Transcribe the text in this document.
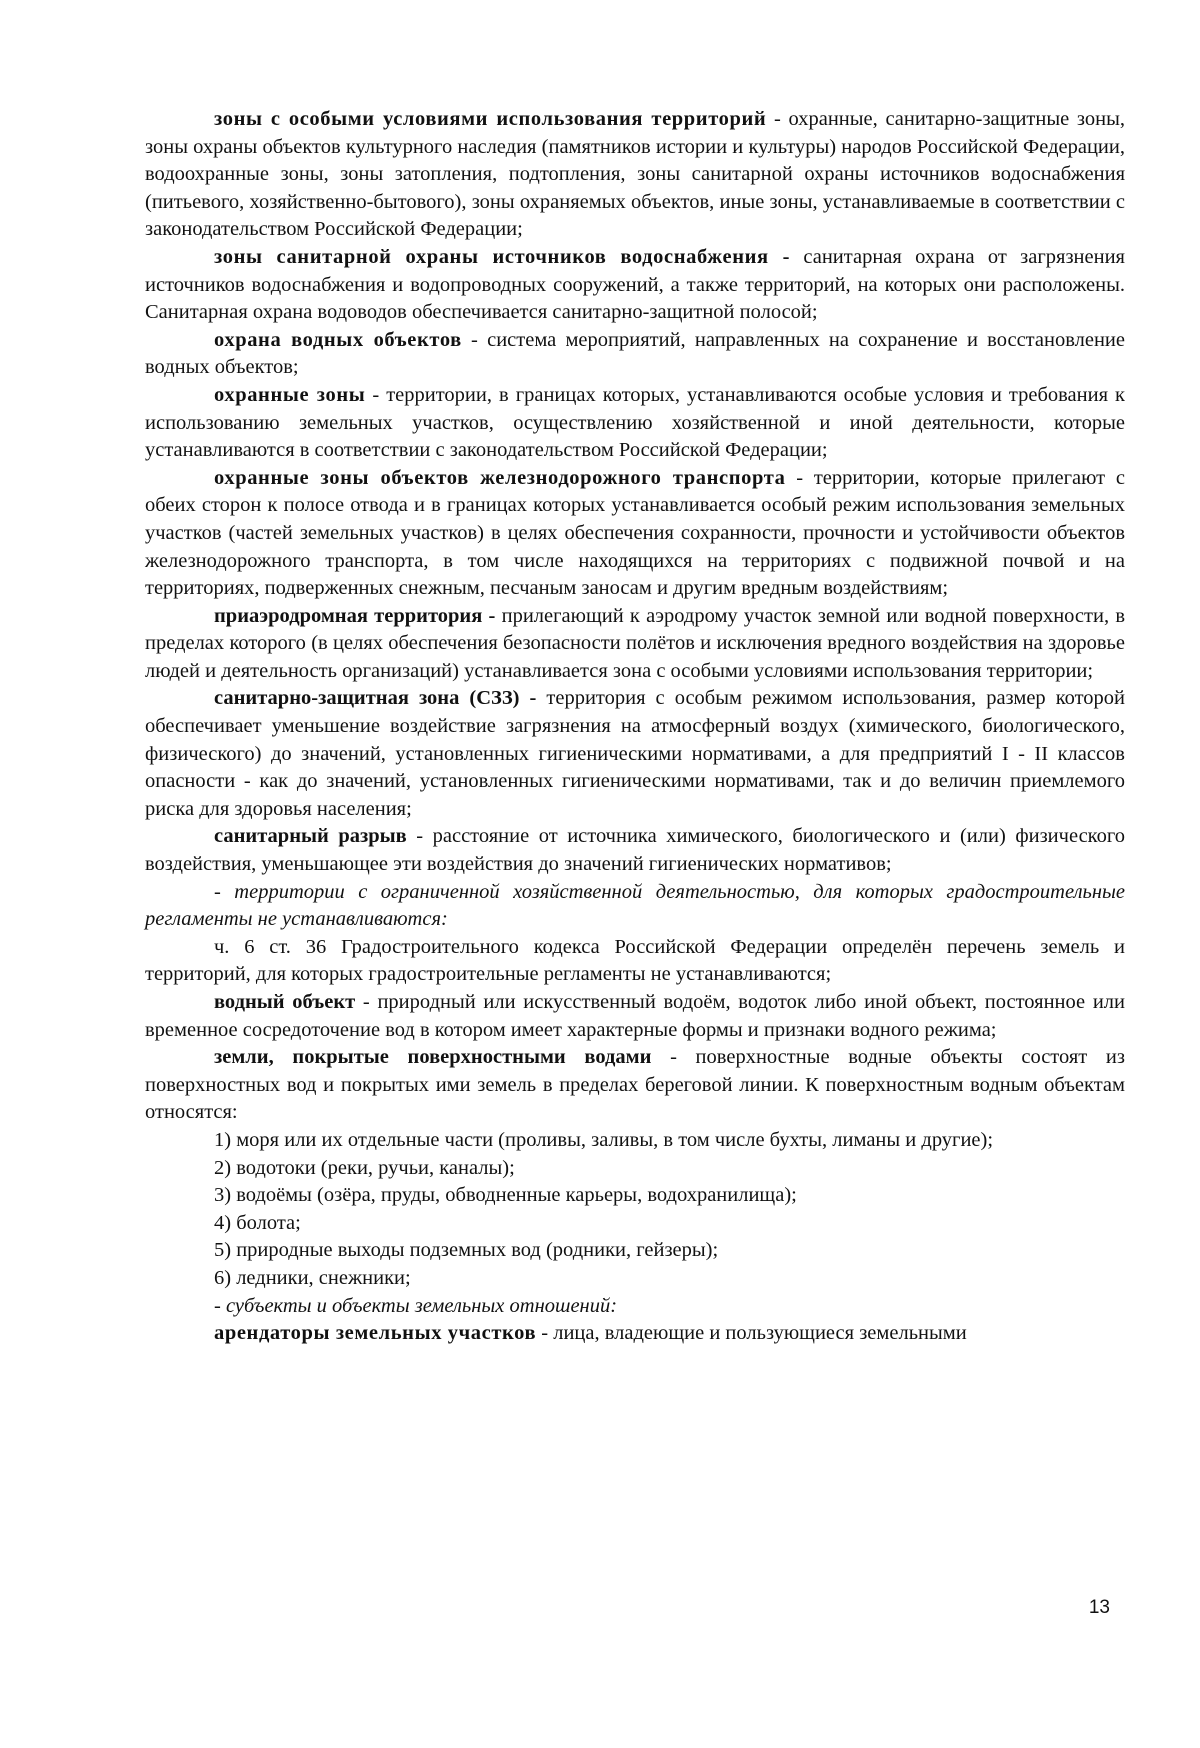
зоны с особыми условиями использования территорий - охранные, санитарно-защитные зоны, зоны охраны объектов культурного наследия (памятников истории и культуры) народов Российской Федерации, водоохранные зоны, зоны затопления, подтопления, зоны санитарной охраны источников водоснабжения (питьевого, хозяйственно-бытового), зоны охраняемых объектов, иные зоны, устанавливаемые в соответствии с законодательством Российской Федерации;

зоны санитарной охраны источников водоснабжения - санитарная охрана от загрязнения источников водоснабжения и водопроводных сооружений, а также территорий, на которых они расположены. Санитарная охрана водоводов обеспечивается санитарно-защитной полосой;

охрана водных объектов - система мероприятий, направленных на сохранение и восстановление водных объектов;

охранные зоны - территории, в границах которых, устанавливаются особые условия и требования к использованию земельных участков, осуществлению хозяйственной и иной деятельности, которые устанавливаются в соответствии с законодательством Российской Федерации;

охранные зоны объектов железнодорожного транспорта - территории, которые прилегают с обеих сторон к полосе отвода и в границах которых устанавливается особый режим использования земельных участков (частей земельных участков) в целях обеспечения сохранности, прочности и устойчивости объектов железнодорожного транспорта, в том числе находящихся на территориях с подвижной почвой и на территориях, подверженных снежным, песчаным заносам и другим вредным воздействиям;

приаэродромная территория - прилегающий к аэродрому участок земной или водной поверхности, в пределах которого (в целях обеспечения безопасности полётов и исключения вредного воздействия на здоровье людей и деятельность организаций) устанавливается зона с особыми условиями использования территории;

санитарно-защитная зона (СЗЗ) - территория с особым режимом использования, размер которой обеспечивает уменьшение воздействие загрязнения на атмосферный воздух (химического, биологического, физического) до значений, установленных гигиеническими нормативами, а для предприятий I - II классов опасности - как до значений, установленных гигиеническими нормативами, так и до величин приемлемого риска для здоровья населения;

санитарный разрыв - расстояние от источника химического, биологического и (или) физического воздействия, уменьшающее эти воздействия до значений гигиенических нормативов;

- территории с ограниченной хозяйственной деятельностью, для которых градостроительные регламенты не устанавливаются:

ч. 6 ст. 36 Градостроительного кодекса Российской Федерации определён перечень земель и территорий, для которых градостроительные регламенты не устанавливаются;

водный объект - природный или искусственный водоём, водоток либо иной объект, постоянное или временное сосредоточение вод в котором имеет характерные формы и признаки водного режима;

земли, покрытые поверхностными водами - поверхностные водные объекты состоят из поверхностных вод и покрытых ими земель в пределах береговой линии. К поверхностным водным объектам относятся:

1) моря или их отдельные части (проливы, заливы, в том числе бухты, лиманы и другие);

2) водотоки (реки, ручьи, каналы);

3) водоёмы (озёра, пруды, обводненные карьеры, водохранилища);

4) болота;

5) природные выходы подземных вод (родники, гейзеры);

6) ледники, снежники;

- субъекты и объекты земельных отношений:

арендаторы земельных участков - лица, владеющие и пользующиеся земельными

13
